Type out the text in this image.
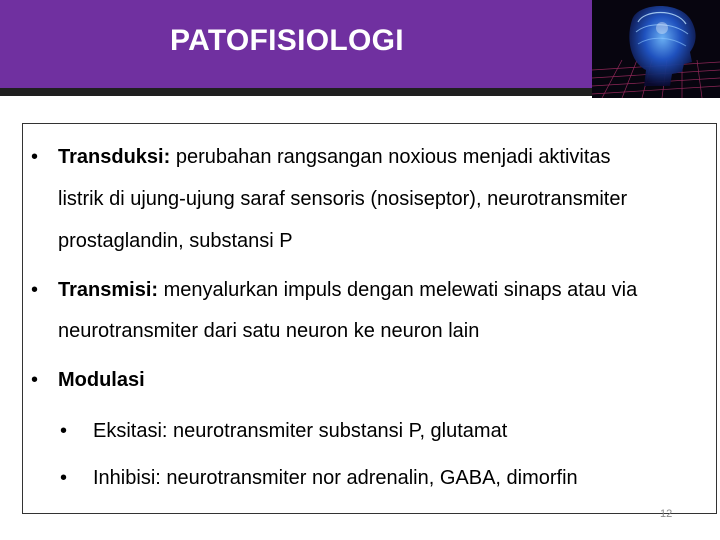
PATOFISIOLOGI
• Transduksi: perubahan rangsangan noxious menjadi aktivitas
listrik di ujung-ujung saraf sensoris (nosiseptor), neurotransmiter
prostaglandin, substansi P
• Transmisi: menyalurkan impuls dengan melewati sinaps atau via
neurotransmiter dari satu neuron ke neuron lain
• Modulasi
• Eksitasi: neurotransmiter substansi P, glutamat
• Inhibisi: neurotransmiter nor adrenalin, GABA, dimorfin
12
